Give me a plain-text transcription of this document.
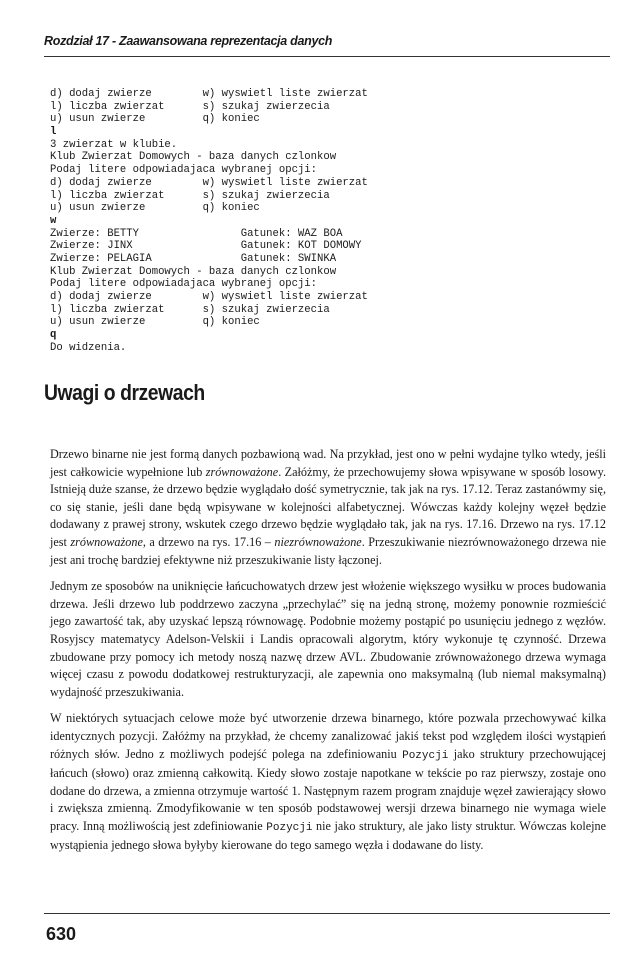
Rozdział 17 - Zaawansowana reprezentacja danych
d) dodaj zwierze        w) wyswietl liste zwierzat
l) liczba zwierzat      s) szukaj zwierzecia
u) usun zwierze         q) koniec
l
3 zwierzat w klubie.
Klub Zwierzat Domowych - baza danych czlonkow
Podaj litere odpowiadajaca wybranej opcji:
d) dodaj zwierze        w) wyswietl liste zwierzat
l) liczba zwierzat      s) szukaj zwierzecia
u) usun zwierze         q) koniec
w
Zwierze: BETTY                Gatunek: WAZ BOA
Zwierze: JINX                 Gatunek: KOT DOMOWY
Zwierze: PELAGIA              Gatunek: SWINKA
Klub Zwierzat Domowych - baza danych czlonkow
Podaj litere odpowiadajaca wybranej opcji:
d) dodaj zwierze        w) wyswietl liste zwierzat
l) liczba zwierzat      s) szukaj zwierzecia
u) usun zwierze         q) koniec
q
Do widzenia.
Uwagi o drzewach

Drzewo binarne nie jest formą danych pozbawioną wad. Na przykład, jest ono w pełni wydajne tylko wtedy, jeśli jest całkowicie wypełnione lub zrównoważone. Załóżmy, że przechowujemy słowa wpisywane w sposób losowy. Istnieją duże szanse, że drzewo będzie wyglądało dość symetrycznie, tak jak na rys. 17.12. Teraz zastanówmy się, co się stanie, jeśli dane będą wpisywane w kolejności alfabetycznej. Wówczas każdy kolejny węzeł będzie dodawany z prawej strony, wskutek czego drzewo będzie wyglądało tak, jak na rys. 17.16. Drzewo na rys. 17.12 jest zrównoważone, a drzewo na rys. 17.16 – niezrównoważone. Przeszukiwanie niezrównoważonego drzewa nie jest ani trochę bardziej efektywne niż przeszukiwanie listy łączonej.

Jednym ze sposobów na uniknięcie łańcuchowatych drzew jest włożenie większego wysiłku w proces budowania drzewa. Jeśli drzewo lub poddrzewo zaczyna „przechylać” się na jedną stronę, możemy ponownie rozmieścić jego zawartość tak, aby uzyskać lepszą równowagę. Podobnie możemy postąpić po usunięciu jednego z węzłów. Rosyjscy matematycy Adelson-Velskii i Landis opracowali algorytm, który wykonuje tę czynność. Drzewa zbudowane przy pomocy ich metody noszą nazwę drzew AVL. Zbudowanie zrównoważonego drzewa wymaga więcej czasu z powodu dodatkowej restrukturyzacji, ale zapewnia ono maksymalną (lub niemal maksymalną) wydajność przeszukiwania.

W niektórych sytuacjach celowe może być utworzenie drzewa binarnego, które pozwala przechowywać kilka identycznych pozycji. Załóżmy na przykład, że chcemy zanalizować jakiś tekst pod względem ilości wystąpień różnych słów. Jedno z możliwych podejść polega na zdefiniowaniu Pozycji jako struktury przechowującej łańcuch (słowo) oraz zmienną całkowitą. Kiedy słowo zostaje napotkane w tekście po raz pierwszy, zostaje ono dodane do drzewa, a zmienna otrzymuje wartość 1. Następnym razem program znajduje węzeł zawierający słowo i zwiększa zmienną. Zmodyfikowanie w ten sposób podstawowej wersji drzewa binarnego nie wymaga wiele pracy. Inną możliwością jest zdefiniowanie Pozycji nie jako struktury, ale jako listy struktur. Wówczas kolejne wystąpienia jednego słowa byłyby kierowane do tego samego węzła i dodawane do listy.

630
